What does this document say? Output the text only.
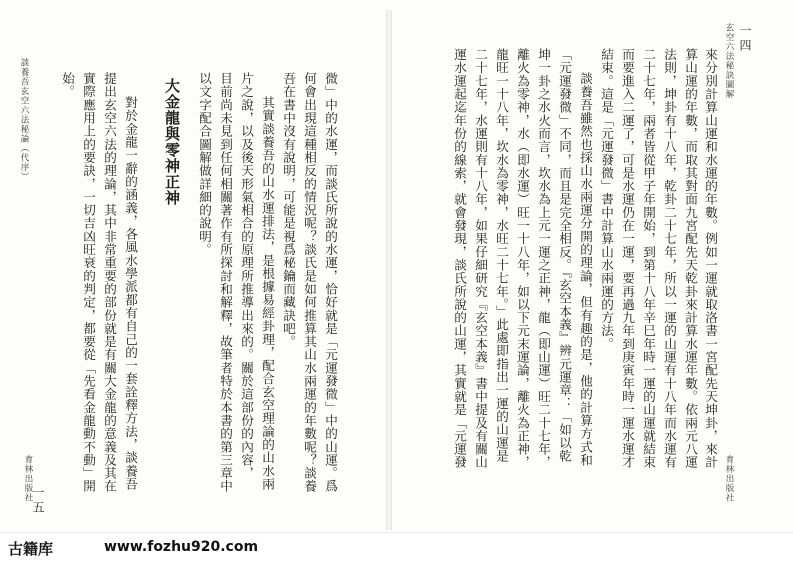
玄空六法秘訣圖解
育林出版社
一四
來分別計算山運和水運的年數。例如一運就取洛書一宮配先天坤卦，來計
算山運的年數，而取其對面九宮配先天乾卦來計算水運年數。依兩元八運
法則，坤卦有十八年，乾卦二十七年，所以一運的山運有十八年而水運有
二十七年，兩者皆從甲子年開始，到第十八年辛巳年時一運的山運就結束
而要進入二運了，可是水運仍在一運，要再過九年到庚寅年時一運水運才
結束。這是「元運發微」書中計算山水兩運的方法。
談養吾雖然也採山水兩運分開的理論，但有趣的是，他的計算方式和
「元運發微」不同，而且是完全相反。『玄空本義』辨元運章：「如以乾
坤一卦之水火而言，坎水為上元一運之正神，龍（即山運）旺二十七年，
離火為零神，水（即水運）旺一十八年，如以下元末運論，離火為正神，
龍旺一十八年，坎水為零神，水旺二十七年。」此處即指出一運的山運是
二十七年，水運則有十八年，如果仔細研究『玄空本義』書中提及有關山
運水運起迄年份的線索，就會發現，談氏所說的山運，其實就是「元運發
談養吾玄空六法秘論（代序）
育林出版社
一五
微」中的水運，而談氏所說的水運，恰好就是「元運發微」中的山運。爲
何會出現這種相反的情況呢？談氏是如何推算其山水兩運的年數呢？談養
吾在書中沒有說明，可能是視爲秘鑰而藏訣吧。
其實談養吾的山水運排法，是根據易經卦理，配合玄空理論的山水兩
片之說，以及後天形氣相合的原理所推導出來的。關於這部份的內容，
目前尚未見到任何相關著作有所探討和解釋，故筆者特於本書的第三章中
以文字配合圖解做詳細的說明。
大金龍與零神正神
對於金龍一辭的涵義，各風水學派都有自己的一套詮釋方法，談養吾
提出玄空六法的理論，其中非常重要的部份就是有關大金龍的意義及其在
實際應用上的要訣，一切吉凶旺衰的判定，都要從「先看金龍動不動」開
始。
古籍库	www.fozhu920.com
